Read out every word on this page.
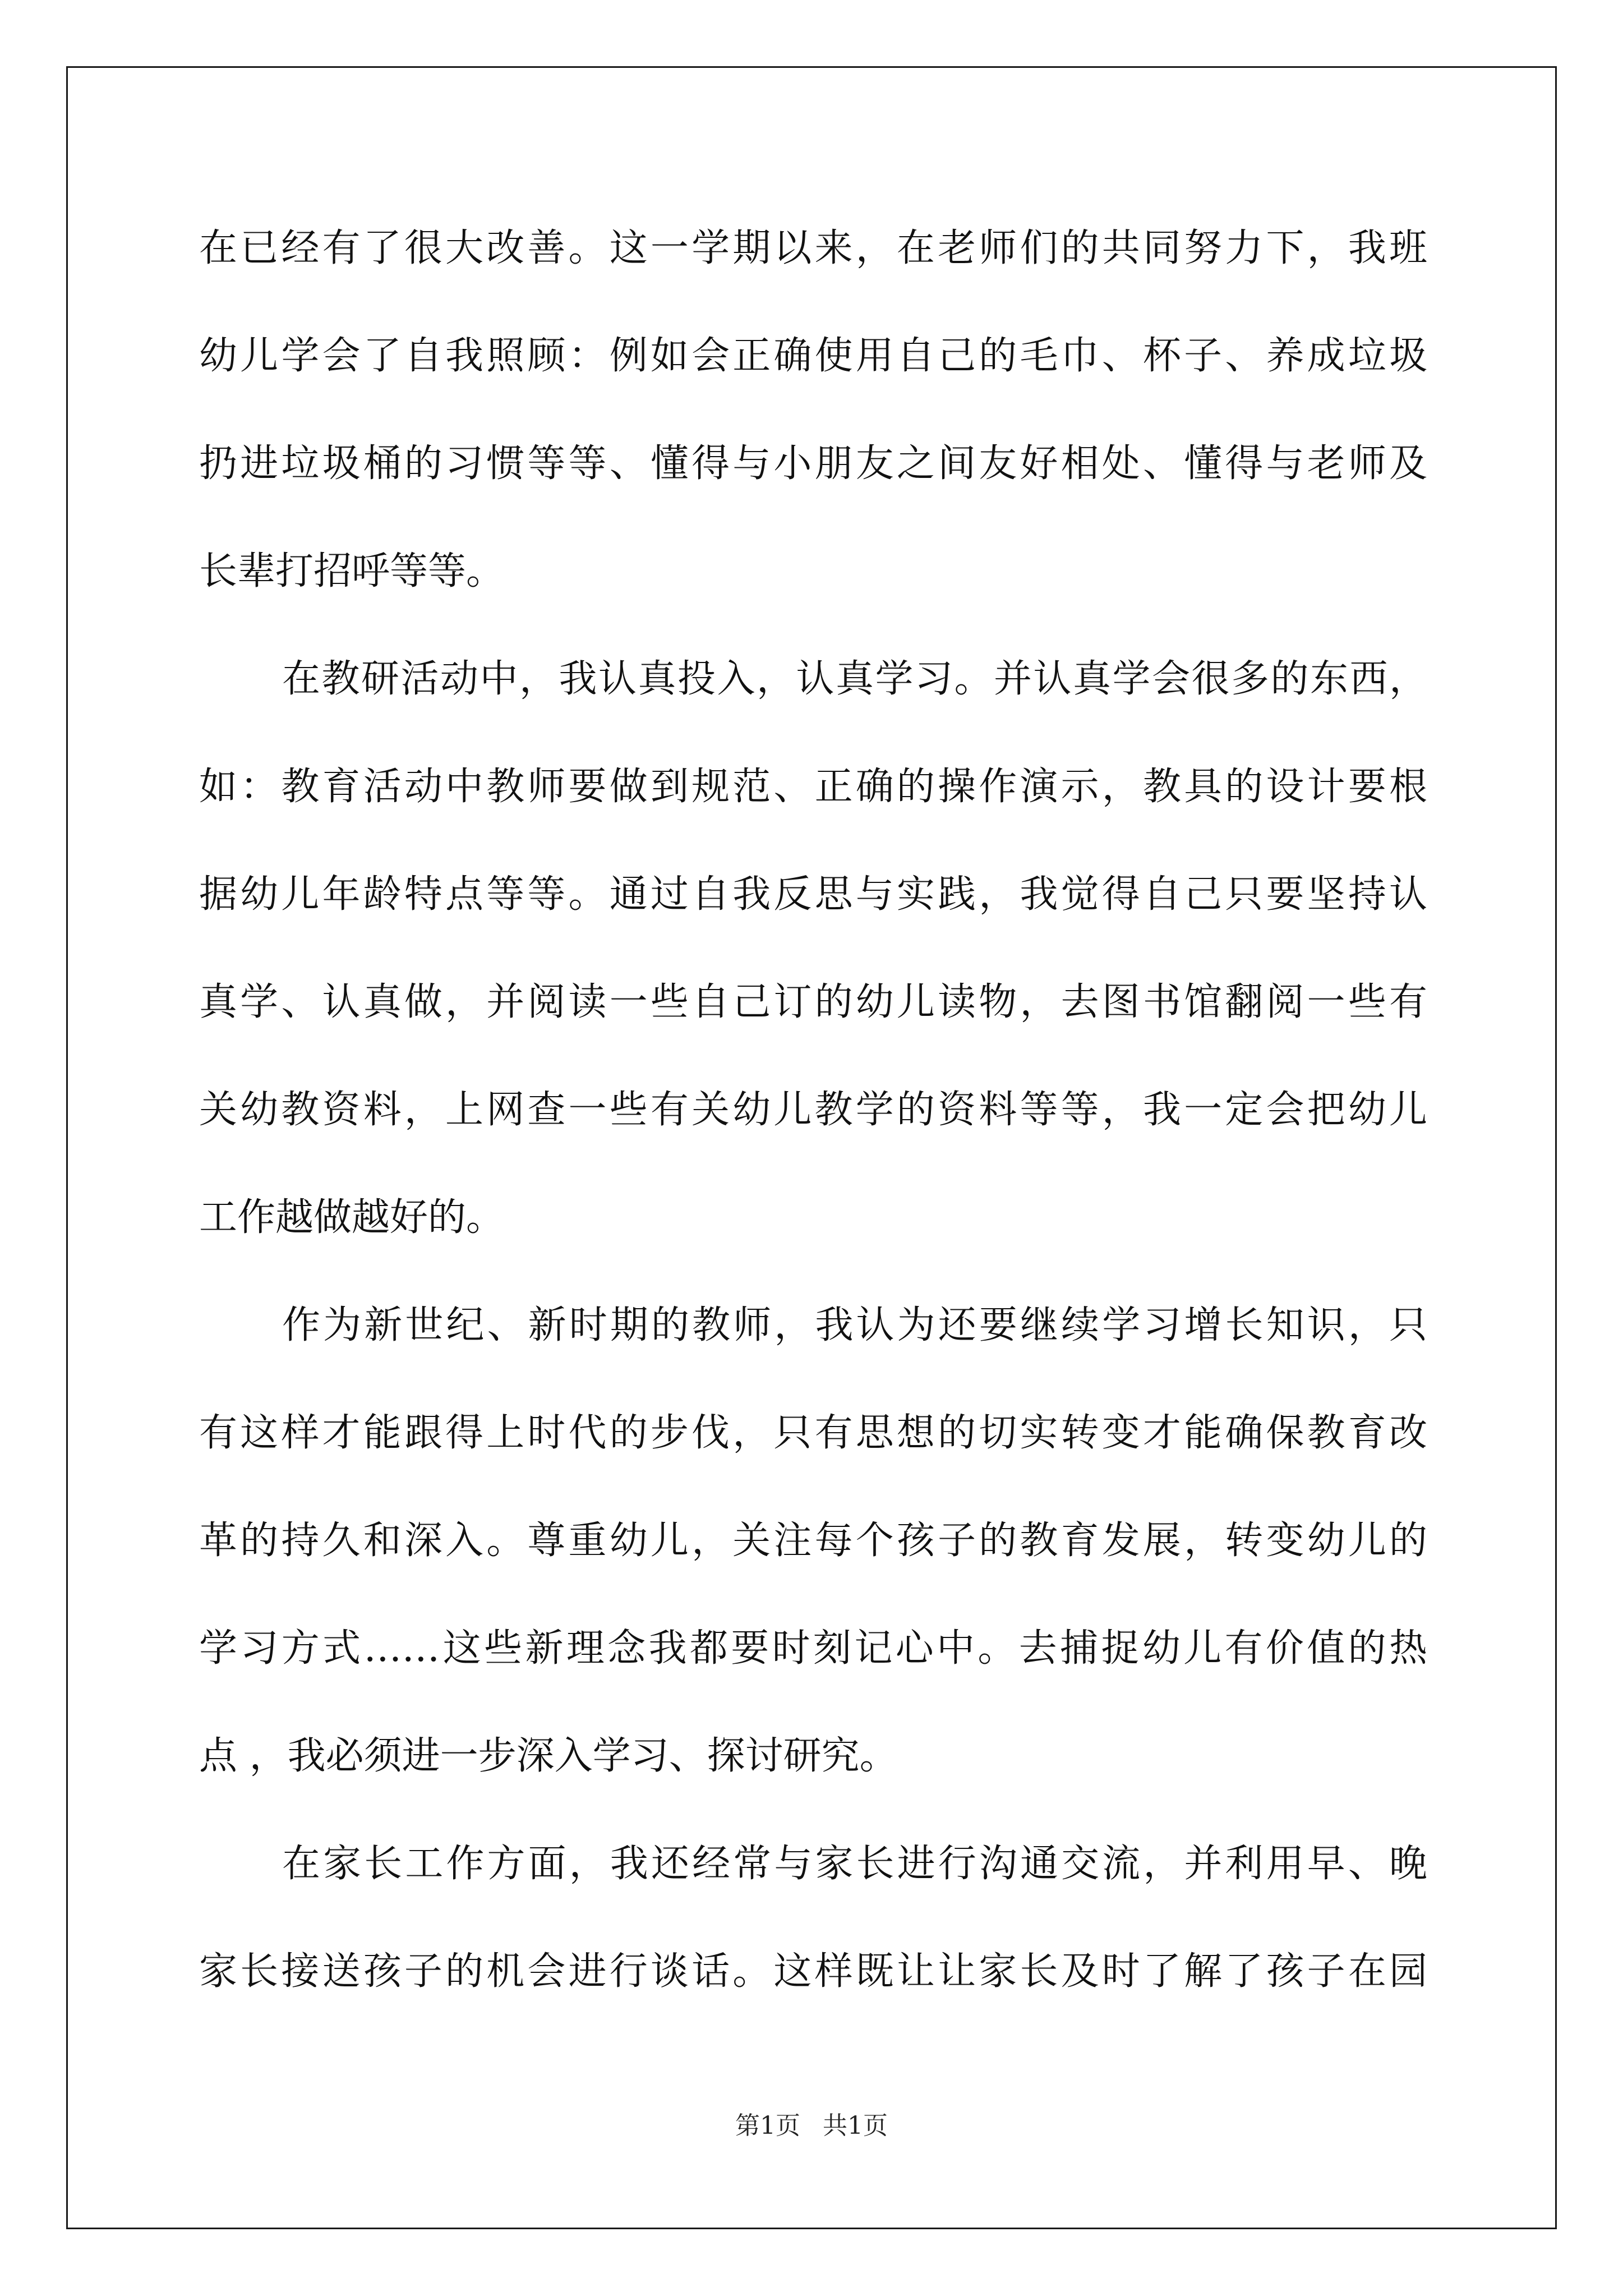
在已经有了很大改善。这一学期以来，在老师们的共同努力下，我班
幼儿学会了自我照顾：例如会正确使用自己的毛巾、杯子、养成垃圾
扔进垃圾桶的习惯等等、懂得与小朋友之间友好相处、懂得与老师及
长辈打招呼等等。
在教研活动中，我认真投入，认真学习。并认真学会很多的东西，
如：教育活动中教师要做到规范、正确的操作演示，教具的设计要根
据幼儿年龄特点等等。通过自我反思与实践，我觉得自己只要坚持认
真学、认真做，并阅读一些自己订的幼儿读物，去图书馆翻阅一些有
关幼教资料，上网查一些有关幼儿教学的资料等等，我一定会把幼儿
工作越做越好的。
作为新世纪、新时期的教师，我认为还要继续学习增长知识，只
有这样才能跟得上时代的步伐，只有思想的切实转变才能确保教育改
革的持久和深入。尊重幼儿，关注每个孩子的教育发展，转变幼儿的
学习方式……这些新理念我都要时刻记心中。去捕捉幼儿有价值的热
点 ，我必须进一步深入学习、探讨研究。
在家长工作方面，我还经常与家长进行沟通交流，并利用早、晚
家长接送孩子的机会进行谈话。这样既让让家长及时了解了孩子在园
第1页 共1页
